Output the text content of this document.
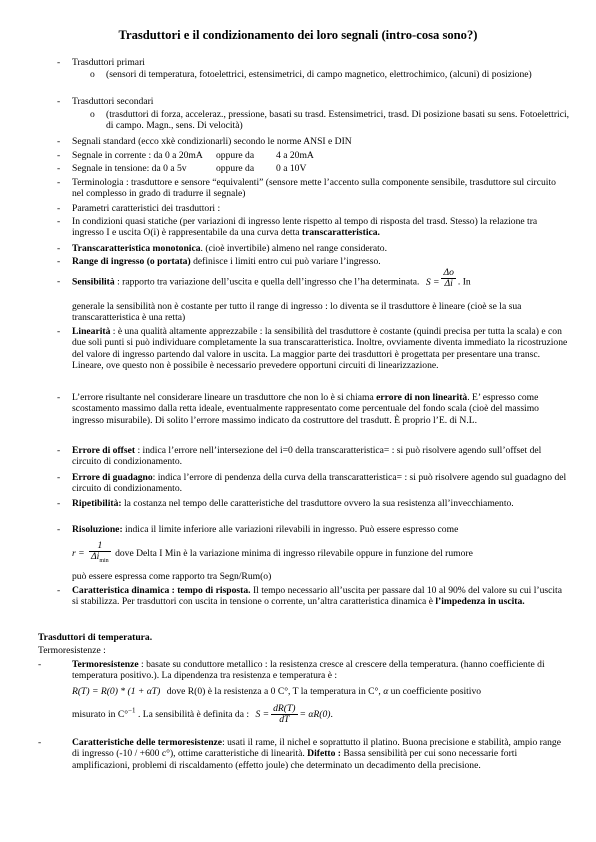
Trasduttori e il condizionamento dei loro segnali (intro-cosa sono?)
- Trasduttori primari
o (sensori di temperatura, fotoelettrici, estensimetrici, di campo magnetico, elettrochimico, (alcuni) di posizione)
- Trasduttori secondari
o (trasduttori di forza, acceleraz., pressione, basati su trasd. Estensimetrici, trasd. Di posizione basati su sens. Fotoelettrici, di campo. Magn., sens. Di velocità)
- Segnali standard (ecco xkè condizionarli) secondo le norme ANSI e DIN
- Segnale in corrente : da 0 a 20mA oppure da 4 a 20mA
- Segnale in tensione: da 0 a 5v	oppure da 0 a 10V
- Terminologia : trasduttore e sensore “equivalenti” (sensore mette l’accento sulla componente sensibile, trasduttore sul circuito nel complesso in grado di tradurre il segnale)
- Parametri caratteristici dei trasduttori :
- In condizioni quasi statiche (per variazioni di ingresso lente rispetto al tempo di risposta del trasd. Stesso) la relazione tra ingresso I e uscita O(i) è rappresentabile da una curva detta transcaratteristica.
- Transcaratteristica monotonica. (cioè invertibile) almeno nel range considerato.
- Range di ingresso (o portata) definisce i limiti entro cui può variare l’ingresso.
- Sensibilità : rapporto tra variazione dell’uscita e quella dell’ingresso che l’ha determinata. $S = \frac{\Delta o}{\Delta i}$ . In
generale la sensibilità non è costante per tutto il range di ingresso : lo diventa se il trasduttore è lineare (cioè se la sua transcaratteristica è una retta)
- Linearità : è una qualità altamente apprezzabile : la sensibilità del trasduttore è costante (quindi precisa per tutta la scala) e con due soli punti si può individuare completamente la sua transcaratteristica. Inoltre, ovviamente diventa immediato la ricostruzione del valore di ingresso partendo dal valore in uscita. La maggior parte dei trasduttori è progettata per presentare una transc. Lineare, ove questo non è possibile è necessario prevedere opportuni circuiti di linearizzazione.
- L’errore risultante nel considerare lineare un trasduttore che non lo è si chiama errore di non linearità. E’ espresso come scostamento massimo dalla retta ideale, eventualmente rappresentato come percentuale del fondo scala (cioè del massimo ingresso misurabile). Di solito l’errore massimo indicato da costruttore del trasdutt. È proprio l’E. di N.L.
- Errore di offset : indica l’errore nell’intersezione del i=0 della transcaratteristica= : si può risolvere agendo sull’offset del circuito di condizionamento.
- Errore di guadagno: indica l’errore di pendenza della curva della transcaratteristica= : si può risolvere agendo sul guadagno del circuito di condizionamento.
- Ripetibilità: la costanza nel tempo delle caratteristiche del trasduttore ovvero la sua resistenza all’invecchiamento.
- Risoluzione: indica il limite inferiore alle variazioni rilevabili in ingresso. Può essere espresso come
$r = \frac{1}{\Delta i_{min}}$ dove Delta I Min è la variazione minima di ingresso rilevabile oppure in funzione del rumore
può essere espressa come rapporto tra Segn/Rum(o)
- Caratteristica dinamica : tempo di risposta. Il tempo necessario all’uscita per passare dal 10 al 90% del valore su cui l’uscita si stabilizza. Per trasduttori con uscita in tensione o corrente, un’altra caratteristica dinamica è l’impedenza in uscita.
Trasduttori di temperatura.
Termoresistenze :
-	Termoresistenze : basate su conduttore metallico : la resistenza cresce al crescere della temperatura. (hanno coefficiente di temperatura positivo.). La dipendenza tra resistenza e temperatura è :
R(T) = R(0) * (1 + αT) dove R(0) è la resistenza a 0 C°, T la temperatura in C°, α un coefficiente positivo
misurato in C°$^{-1}$ . La sensibilità è definita da : $S = \frac{dR(T)}{dT} = \alpha R(0)$.
-	Caratteristiche delle termoresistenze: usati il rame, il nichel e soprattutto il platino. Buona precisione e stabilità, ampio range di ingresso (-10 / +600 c°), ottime caratteristiche di linearità. Difetto : Bassa sensibilità per cui sono necessarie forti amplificazioni, problemi di riscaldamento (effetto joule) che determinato un decadimento della precisione.
